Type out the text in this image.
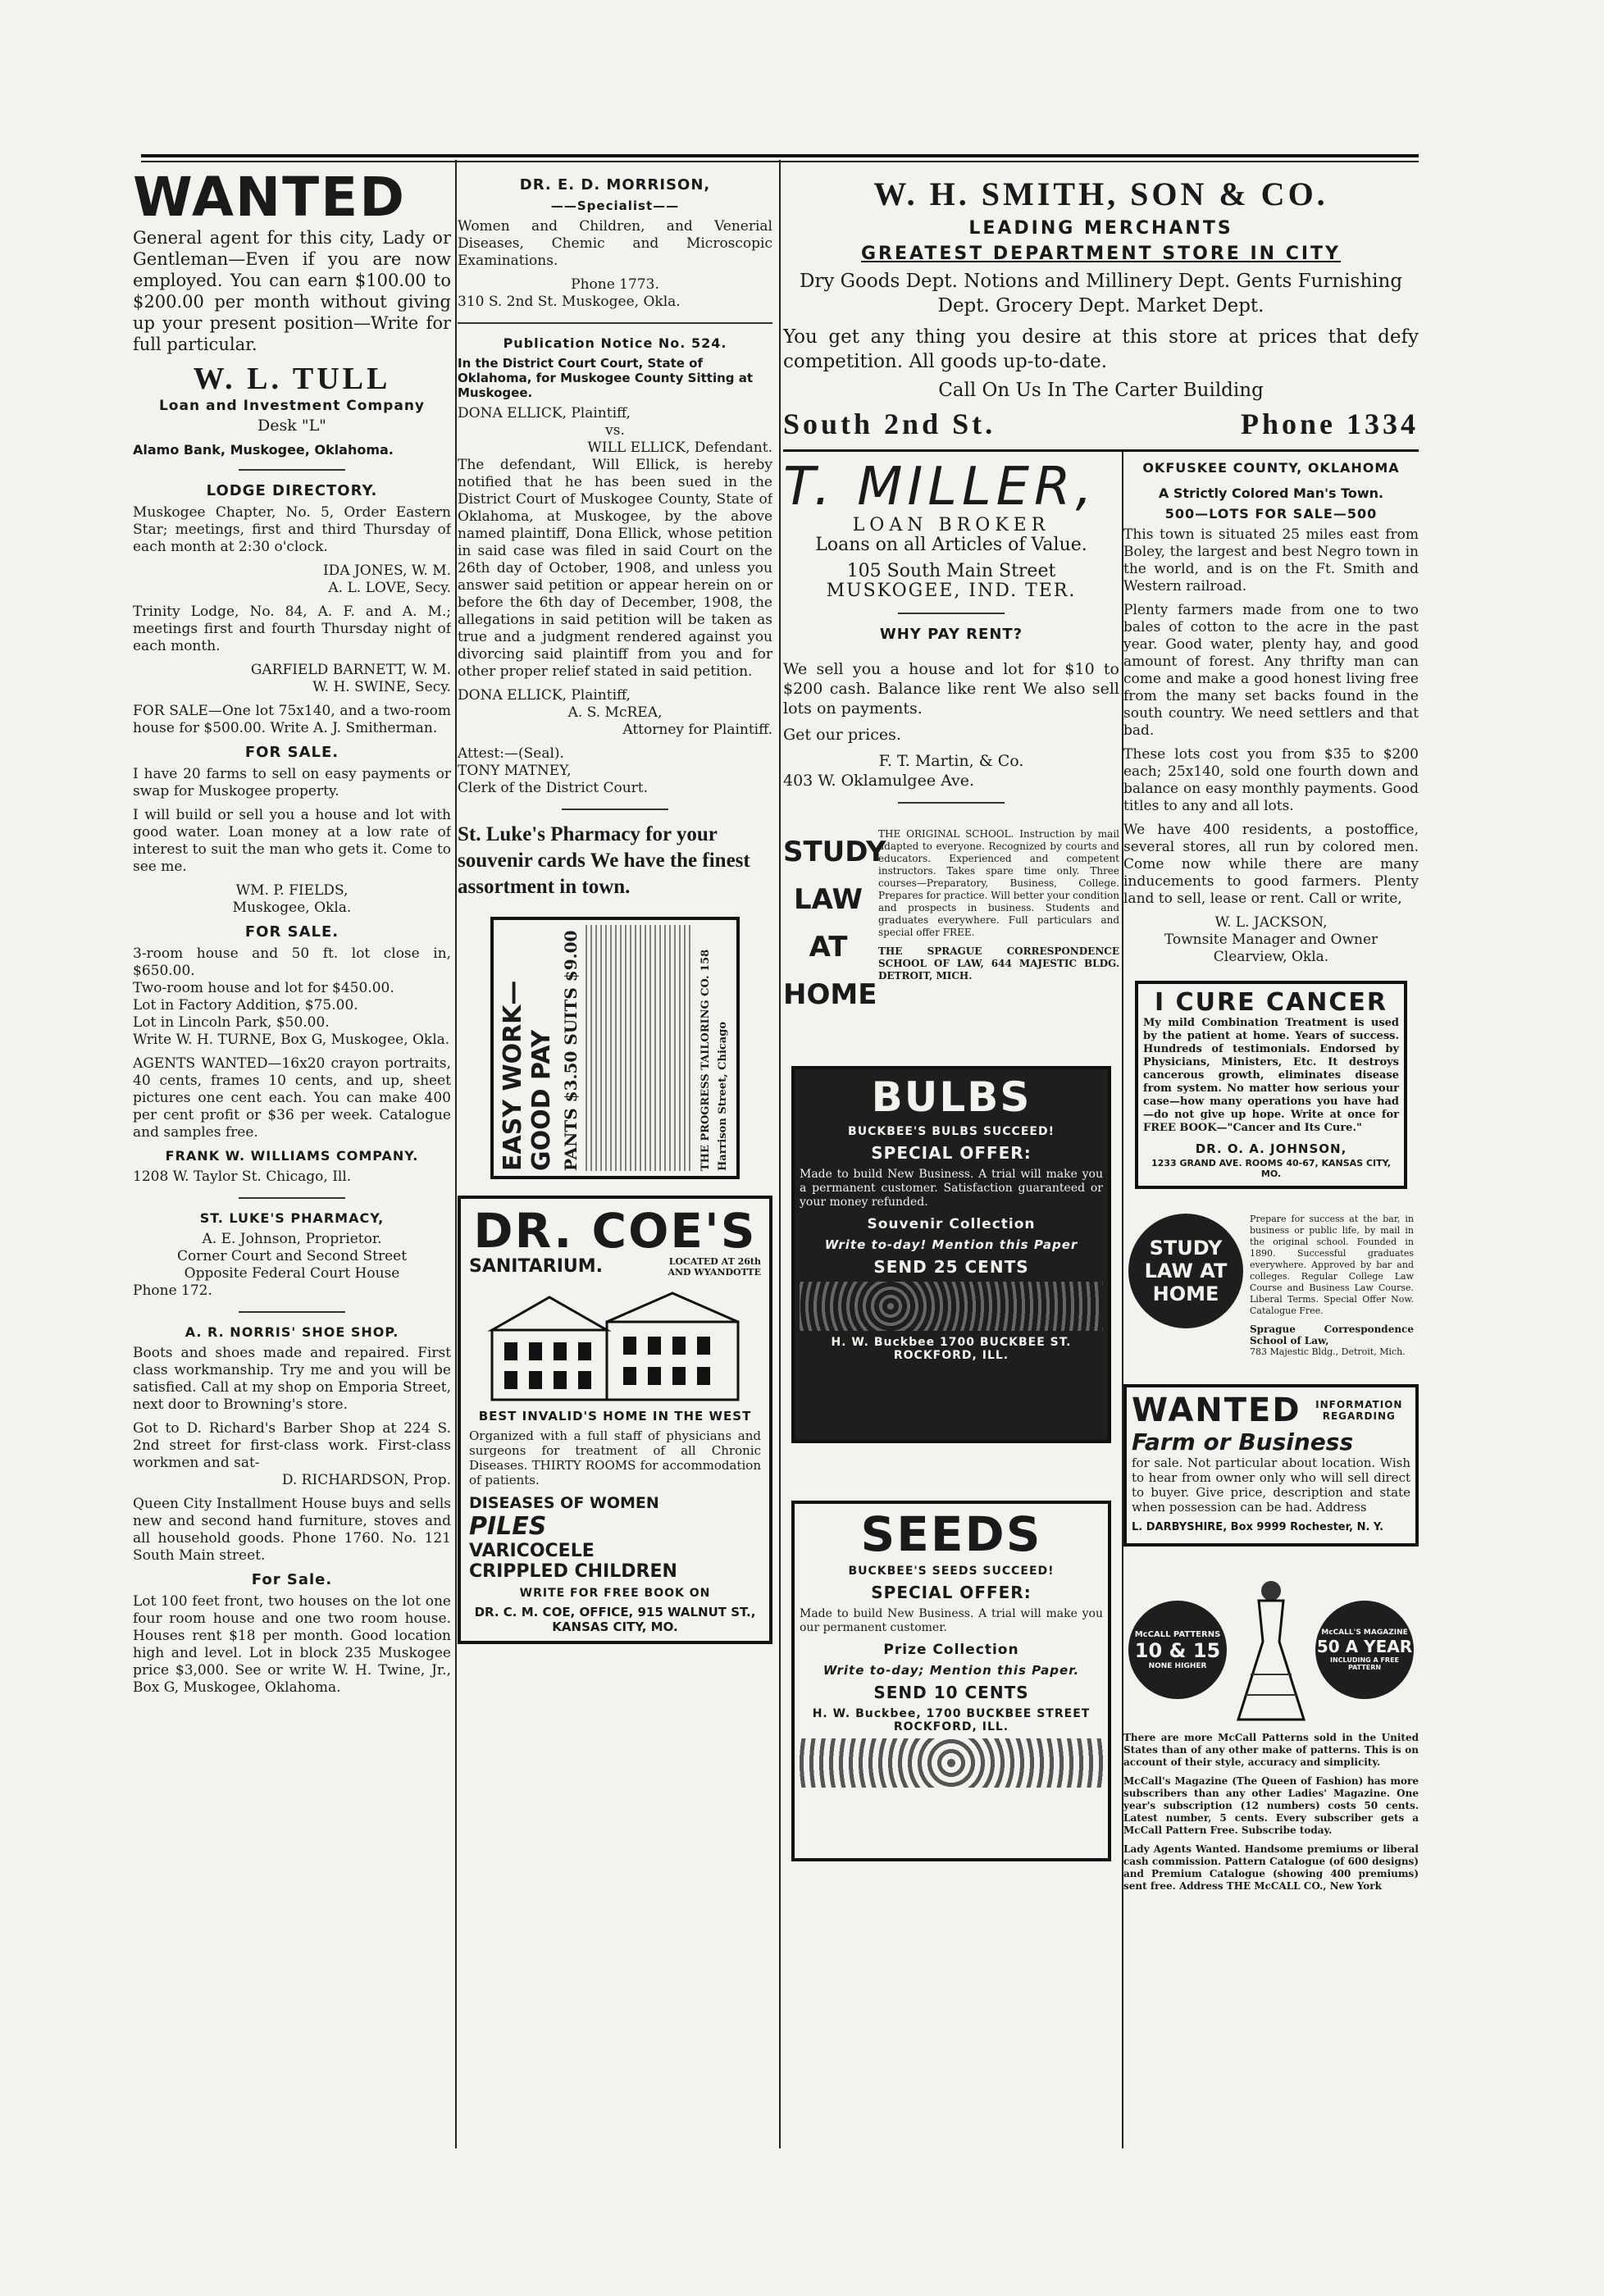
WANTED

General agent for this city, Lady or Gentleman—Even if you are now employed. You can earn $100.00 to $200.00 per month without giving up your present position—Write for full particular.

W. L. TULL
Loan and Investment Company

Desk "L"

Alamo Bank, Muskogee, Oklahoma.
LODGE DIRECTORY.

Muskogee Chapter, No. 5, Order Eastern Star; meetings, first and third Thursday of each month at 2:30 o'clock.

IDA JONES, W. M.

A. L. LOVE, Secy.

Trinity Lodge, No. 84, A. F. and A. M.; meetings first and fourth Thursday night of each month.

GARFIELD BARNETT, W. M.

W. H. SWINE, Secy.

FOR SALE—One lot 75x140, and a two-room house for $500.00. Write A. J. Smitherman.

FOR SALE.

I have 20 farms to sell on easy payments or swap for Muskogee property.

I will build or sell you a house and lot with good water. Loan money at a low rate of interest to suit the man who gets it. Come to see me.

WM. P. FIELDS,

Muskogee, Okla.

FOR SALE.

3-room house and 50 ft. lot close in, $650.00.

Two-room house and lot for $450.00.

Lot in Factory Addition, $75.00.

Lot in Lincoln Park, $50.00.

Write W. H. TURNE, Box G, Muskogee, Okla.

AGENTS WANTED—16x20 crayon portraits, 40 cents, frames 10 cents, and up, sheet pictures one cent each. You can make 400 per cent profit or $36 per week. Catalogue and samples free.

FRANK W. WILLIAMS COMPANY.

1208 W. Taylor St. Chicago, Ill.

ST. LUKE'S PHARMACY,

A. E. Johnson, Proprietor.

Corner Court and Second Street

Opposite Federal Court House

Phone 172.

A. R. NORRIS' SHOE SHOP.

Boots and shoes made and repaired. First class workmanship. Try me and you will be satisfied. Call at my shop on Emporia Street, next door to Browning's store.

Got to D. Richard's Barber Shop at 224 S. 2nd street for first-class work. First-class workmen and sat-

D. RICHARDSON, Prop.

Queen City Installment House buys and sells new and second hand furniture, stoves and all household goods. Phone 1760. No. 121 South Main street.

For Sale.

Lot 100 feet front, two houses on the lot one four room house and one two room house. Houses rent $18 per month. Good location high and level. Lot in block 235 Muskogee price $3,000. See or write W. H. Twine, Jr., Box G, Muskogee, Oklahoma.

DR. E. D. MORRISON,
——Specialist——

Women and Children, and Venerial Diseases, Chemic and Microscopic Examinations.

Phone 1773.

310 S. 2nd St. Muskogee, Okla.

Publication Notice No. 524.
In the District Court Court, State of Oklahoma, for Muskogee County Sitting at Muskogee.

DONA ELLICK, Plaintiff,

vs.

WILL ELLICK, Defendant.

The defendant, Will Ellick, is hereby notified that he has been sued in the District Court of Muskogee County, State of Oklahoma, at Muskogee, by the above named plaintiff, Dona Ellick, whose petition in said case was filed in said Court on the 26th day of October, 1908, and unless you answer said petition or appear herein on or before the 6th day of December, 1908, the allegations in said petition will be taken as true and a judgment rendered against you divorcing said plaintiff from you and for other proper relief stated in said petition.

DONA ELLICK, Plaintiff,

A. S. McREA,

Attorney for Plaintiff.

Attest:—(Seal).

TONY MATNEY,

Clerk of the District Court.

St. Luke's Pharmacy for your souvenir cards We have the finest assortment in town.

EASY WORK—GOOD PAY PANTS $3.50 SUITS $9.00	THE PROGRESS TAILORING CO. 158 Harrison Street, Chicago
DR. COE'S
SANITARIUM.	LOCATED AT 26th AND WYANDOTTE
BEST INVALID'S HOME IN THE WEST

Organized with a full staff of physicians and surgeons for treatment of all Chronic Diseases. THIRTY ROOMS for accommodation of patients.

DISEASES OF WOMEN
PILES
VARICOCELE
CRIPPLED CHILDREN
WRITE FOR FREE BOOK ON
DR. C. M. COE, OFFICE, 915 WALNUT ST., KANSAS CITY, MO.
W. H. SMITH, SON & CO.
LEADING MERCHANTS
GREATEST DEPARTMENT STORE IN CITY

Dry Goods Dept. Notions and Millinery Dept. Gents Furnishing Dept. Grocery Dept. Market Dept.

You get any thing you desire at this store at prices that defy competition. All goods up-to-date.

Call On Us In The Carter Building

South 2nd St.	Phone 1334
T. MILLER,
LOAN BROKER

Loans on all Articles of Value.

105 South Main Street

MUSKOGEE, IND. TER.

WHY PAY RENT?

We sell you a house and lot for $10 to $200 cash. Balance like rent We also sell lots on payments.

Get our prices.

F. T. Martin, & Co.

403 W. Oklamulgee Ave.

STUDY
LAW
AT
HOME

THE ORIGINAL SCHOOL. Instruction by mail adapted to everyone. Recognized by courts and educators. Experienced and competent instructors. Takes spare time only. Three courses—Preparatory, Business, College. Prepares for practice. Will better your condition and prospects in business. Students and graduates everywhere. Full particulars and special offer FREE.

THE SPRAGUE CORRESPONDENCE SCHOOL OF LAW, 644 MAJESTIC BLDG. DETROIT, MICH.

BULBS
BUCKBEE'S BULBS SUCCEED!
SPECIAL OFFER:

Made to build New Business. A trial will make you a permanent customer. Satisfaction guaranteed or your money refunded.

Souvenir Collection
Write to-day! Mention this Paper
SEND 25 CENTS
H. W. Buckbee 1700 BUCKBEE ST. ROCKFORD, ILL.
SEEDS
BUCKBEE'S SEEDS SUCCEED!
SPECIAL OFFER:

Made to build New Business. A trial will make you our permanent customer.

Prize Collection
Write to-day; Mention this Paper.
SEND 10 CENTS
H. W. Buckbee, 1700 BUCKBEE STREET ROCKFORD, ILL.
OKFUSKEE COUNTY, OKLAHOMA
A Strictly Colored Man's Town.
500—LOTS FOR SALE—500

This town is situated 25 miles east from Boley, the largest and best Negro town in the world, and is on the Ft. Smith and Western railroad.

Plenty farmers made from one to two bales of cotton to the acre in the past year. Good water, plenty hay, and good amount of forest. Any thrifty man can come and make a good honest living free from the many set backs found in the south country. We need settlers and that bad.

These lots cost you from $35 to $200 each; 25x140, sold one fourth down and balance on easy monthly payments. Good titles to any and all lots.

We have 400 residents, a postoffice, several stores, all run by colored men. Come now while there are many inducements to good farmers. Plenty land to sell, lease or rent. Call or write,

W. L. JACKSON,

Townsite Manager and Owner

Clearview, Okla.

I CURE CANCER

My mild Combination Treatment is used by the patient at home. Years of success. Hundreds of testimonials. Endorsed by Physicians, Ministers, Etc. It destroys cancerous growth, eliminates disease from system. No matter how serious your case—how many operations you have had—do not give up hope. Write at once for FREE BOOK—"Cancer and Its Cure."

DR. O. A. JOHNSON,
1233 GRAND AVE. ROOMS 40-67, KANSAS CITY, MO.
STUDY LAW AT HOME

Prepare for success at the bar, in business or public life, by mail in the original school. Founded in 1890. Successful graduates everywhere. Approved by bar and colleges. Regular College Law Course and Business Law Course. Liberal Terms. Special Offer Now. Catalogue Free.

Sprague Correspondence School of Law,

783 Majestic Bldg., Detroit, Mich.

WANTED	INFORMATION REGARDING
Farm or Business

for sale. Not particular about location. Wish to hear from owner only who will sell direct to buyer. Give price, description and state when possession can be had. Address

L. DARBYSHIRE, Box 9999 Rochester, N. Y.
McCALL PATTERNS
10 & 15
NONE HIGHER
McCALL'S MAGAZINE
50 A YEAR
INCLUDING A FREE PATTERN

There are more McCall Patterns sold in the United States than of any other make of patterns. This is on account of their style, accuracy and simplicity.

McCall's Magazine (The Queen of Fashion) has more subscribers than any other Ladies' Magazine. One year's subscription (12 numbers) costs 50 cents. Latest number, 5 cents. Every subscriber gets a McCall Pattern Free. Subscribe today.

Lady Agents Wanted. Handsome premiums or liberal cash commission. Pattern Catalogue (of 600 designs) and Premium Catalogue (showing 400 premiums) sent free. Address THE McCALL CO., New York
